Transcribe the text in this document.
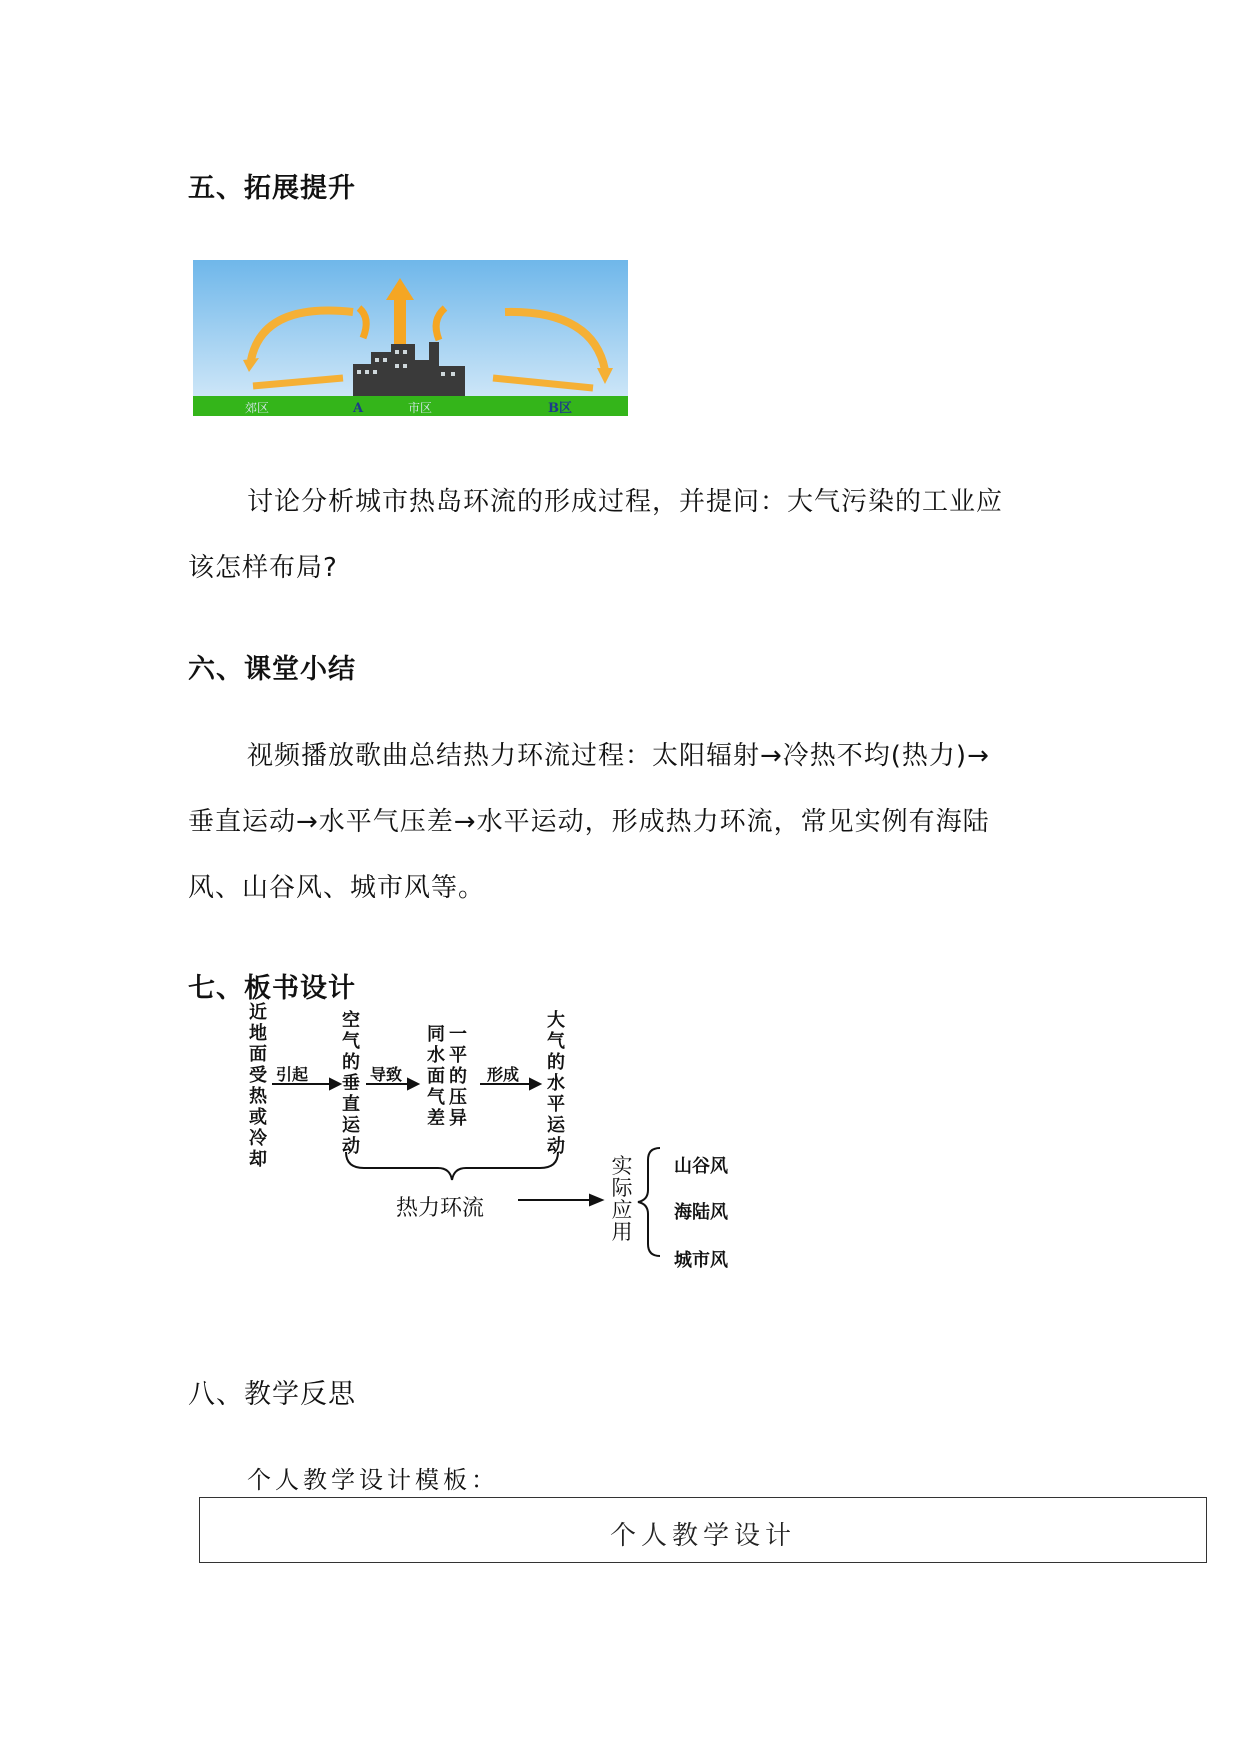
五、拓展提升
郊区	A	市区	B区
讨论分析城市热岛环流的形成过程，并提问：大气污染的工业应
该怎样布局?
六、课堂小结
视频播放歌曲总结热力环流过程：太阳辐射→冷热不均(热力)→
垂直运动→水平气压差→水平运动，形成热力环流，常见实例有海陆
风、山谷风、城市风等。
七、板书设计
近地面受热或冷却
引起
空气的垂直运动
导致
同水面气差
一平的压异
形成
大气的水平运动
热力环流
实际应用
山谷风
海陆风
城市风
八、教学反思
个人教学设计模板：
个人教学设计
